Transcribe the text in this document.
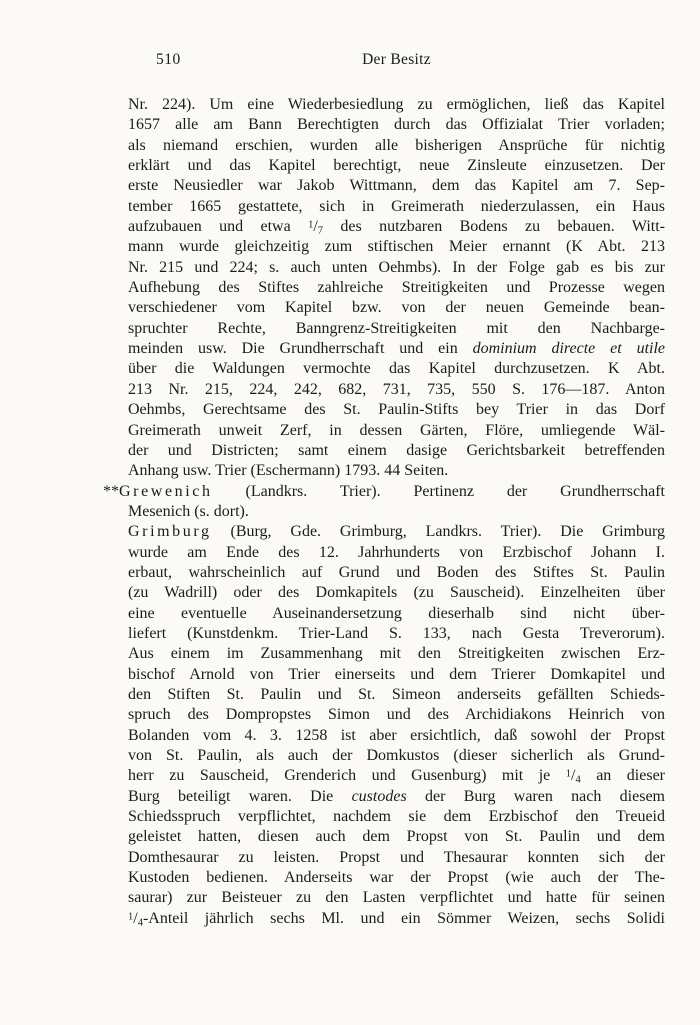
510	Der Besitz
Nr. 224). Um eine Wiederbesiedlung zu ermöglichen, ließ das Kapitel
1657 alle am Bann Berechtigten durch das Offizialat Trier vorladen;
als niemand erschien, wurden alle bisherigen Ansprüche für nichtig
erklärt und das Kapitel berechtigt, neue Zinsleute einzusetzen. Der
erste Neusiedler war Jakob Wittmann, dem das Kapitel am 7. Sep-
tember 1665 gestattete, sich in Greimerath niederzulassen, ein Haus
aufzubauen und etwa $^1/_7$ des nutzbaren Bodens zu bebauen. Witt-
mann wurde gleichzeitig zum stiftischen Meier ernannt (K Abt. 213
Nr. 215 und 224; s. auch unten Oehmbs). In der Folge gab es bis zur
Aufhebung des Stiftes zahlreiche Streitigkeiten und Prozesse wegen
verschiedener vom Kapitel bzw. von der neuen Gemeinde bean-
spruchter Rechte, Banngrenz-Streitigkeiten mit den Nachbarge-
meinden usw. Die Grundherrschaft und ein dominium directe et utile
über die Waldungen vermochte das Kapitel durchzusetzen. K Abt.
213 Nr. 215, 224, 242, 682, 731, 735, 550 S. 176—187. Anton
Oehmbs, Gerechtsame des St. Paulin-Stifts bey Trier in das Dorf
Greimerath unweit Zerf, in dessen Gärten, Flöre, umliegende Wäl-
der und Districten; samt einem dasige Gerichtsbarkeit betreffenden
Anhang usw. Trier (Eschermann) 1793. 44 Seiten.
**Grewenich (Landkrs. Trier). Pertinenz der Grundherrschaft
Mesenich (s. dort).
Grimburg (Burg, Gde. Grimburg, Landkrs. Trier). Die Grimburg
wurde am Ende des 12. Jahrhunderts von Erzbischof Johann I.
erbaut, wahrscheinlich auf Grund und Boden des Stiftes St. Paulin
(zu Wadrill) oder des Domkapitels (zu Sauscheid). Einzelheiten über
eine eventuelle Auseinandersetzung dieserhalb sind nicht über-
liefert (Kunstdenkm. Trier-Land S. 133, nach Gesta Treverorum).
Aus einem im Zusammenhang mit den Streitigkeiten zwischen Erz-
bischof Arnold von Trier einerseits und dem Trierer Domkapitel und
den Stiften St. Paulin und St. Simeon anderseits gefällten Schieds-
spruch des Dompropstes Simon und des Archidiakons Heinrich von
Bolanden vom 4. 3. 1258 ist aber ersichtlich, daß sowohl der Propst
von St. Paulin, als auch der Domkustos (dieser sicherlich als Grund-
herr zu Sauscheid, Grenderich und Gusenburg) mit je $^1/_4$ an dieser
Burg beteiligt waren. Die custodes der Burg waren nach diesem
Schiedsspruch verpflichtet, nachdem sie dem Erzbischof den Treueid
geleistet hatten, diesen auch dem Propst von St. Paulin und dem
Domthesaurar zu leisten. Propst und Thesaurar konnten sich der
Kustoden bedienen. Anderseits war der Propst (wie auch der The-
saurar) zur Beisteuer zu den Lasten verpflichtet und hatte für seinen
$^1/_4$-Anteil jährlich sechs Ml. und ein Sömmer Weizen, sechs Solidi
